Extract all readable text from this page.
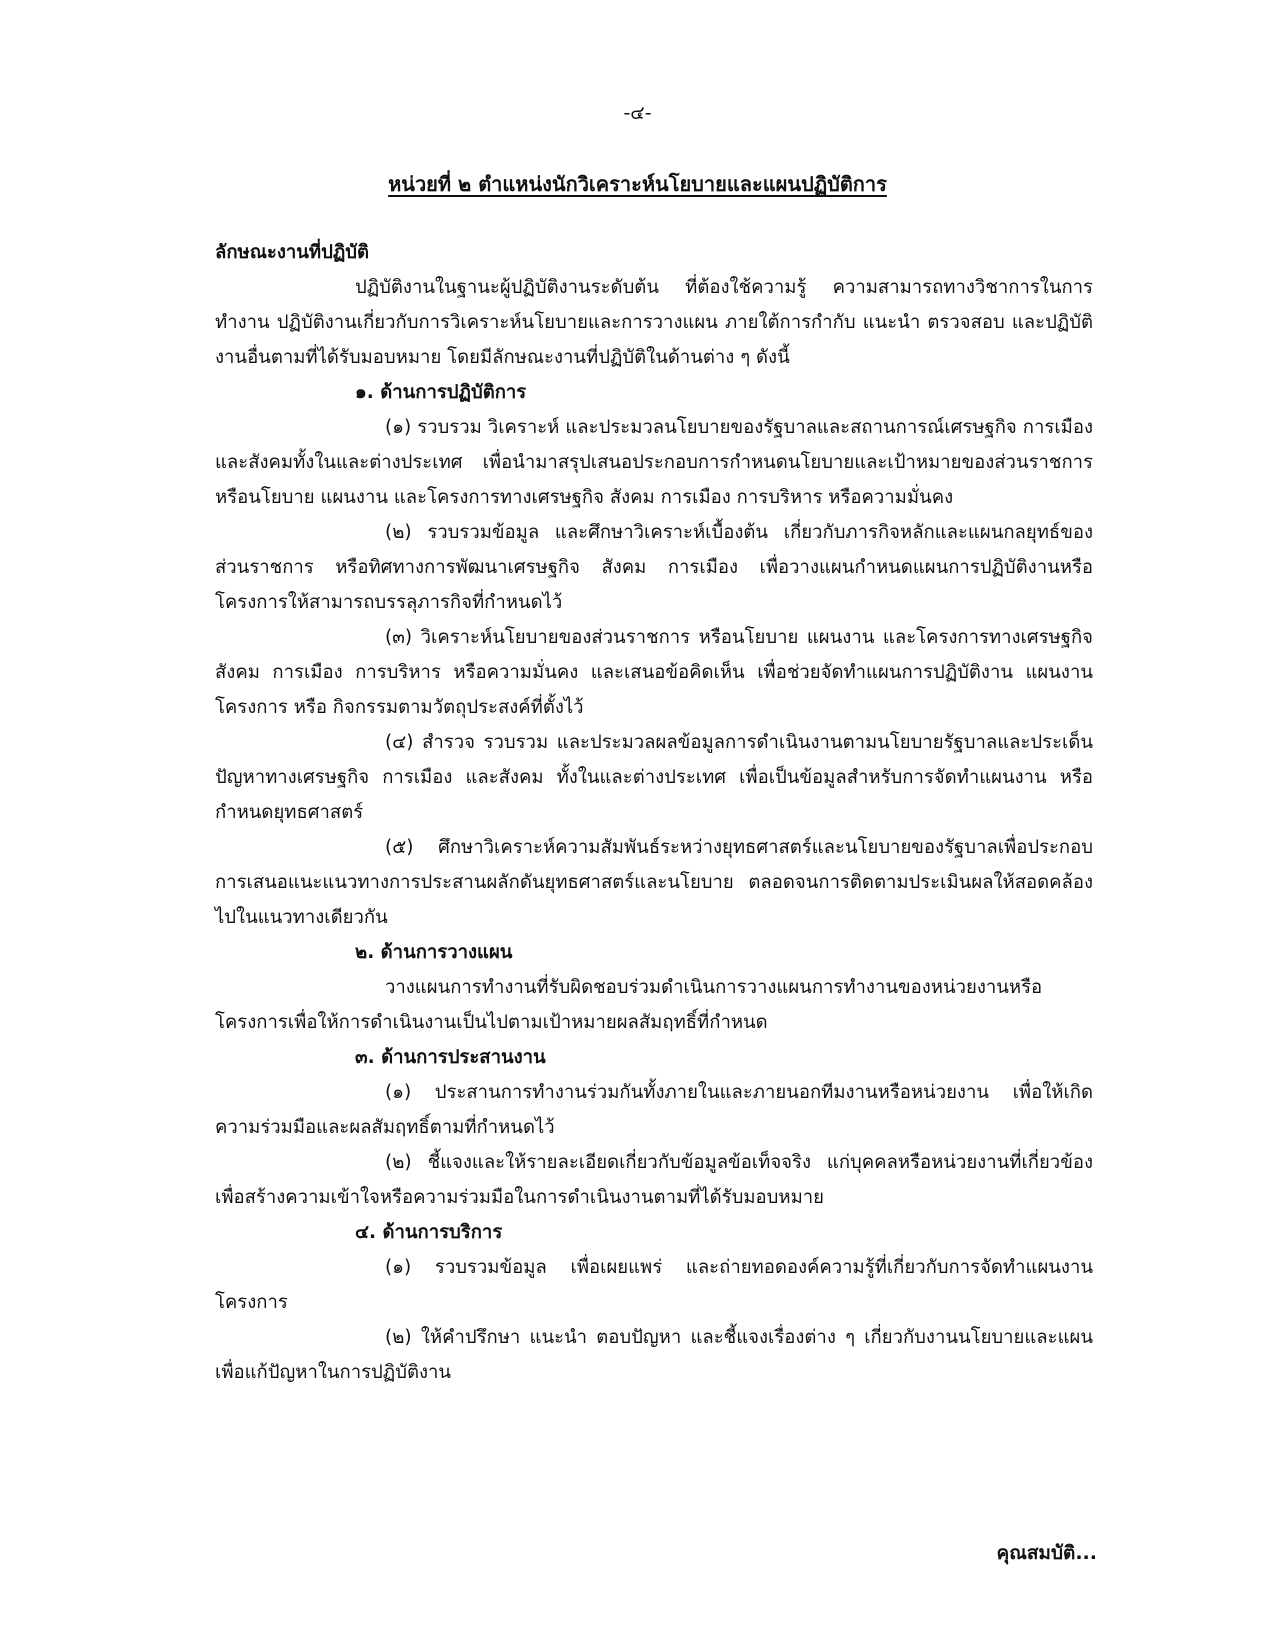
-๔-
หน่วยที่ ๒ ตำแหน่งนักวิเคราะห์นโยบายและแผนปฏิบัติการ

ลักษณะงานที่ปฏิบัติ

ปฏิบัติงานในฐานะผู้ปฏิบัติงานระดับต้น ที่ต้องใช้ความรู้ ความสามารถทางวิชาการในการทำงาน ปฏิบัติงานเกี่ยวกับการวิเคราะห์นโยบายและการวางแผน ภายใต้การกำกับ แนะนำ ตรวจสอบ และปฏิบัติงานอื่นตามที่ได้รับมอบหมาย โดยมีลักษณะงานที่ปฏิบัติในด้านต่าง ๆ ดังนี้

๑. ด้านการปฏิบัติการ

(๑) รวบรวม วิเคราะห์ และประมวลนโยบายของรัฐบาลและสถานการณ์เศรษฐกิจ การเมือง และสังคมทั้งในและต่างประเทศ เพื่อนำมาสรุปเสนอประกอบการกำหนดนโยบายและเป้าหมายของส่วนราชการ หรือนโยบาย แผนงาน และโครงการทางเศรษฐกิจ สังคม การเมือง การบริหาร หรือความมั่นคง

(๒) รวบรวมข้อมูล และศึกษาวิเคราะห์เบื้องต้น เกี่ยวกับภารกิจหลักและแผนกลยุทธ์ของส่วนราชการ หรือทิศทางการพัฒนาเศรษฐกิจ สังคม การเมือง เพื่อวางแผนกำหนดแผนการปฏิบัติงานหรือโครงการให้สามารถบรรลุภารกิจที่กำหนดไว้

(๓) วิเคราะห์นโยบายของส่วนราชการ หรือนโยบาย แผนงาน และโครงการทางเศรษฐกิจ สังคม การเมือง การบริหาร หรือความมั่นคง และเสนอข้อคิดเห็น เพื่อช่วยจัดทำแผนการปฏิบัติงาน แผนงาน โครงการ หรือ กิจกรรมตามวัตถุประสงค์ที่ตั้งไว้

(๔) สำรวจ รวบรวม และประมวลผลข้อมูลการดำเนินงานตามนโยบายรัฐบาลและประเด็นปัญหาทางเศรษฐกิจ การเมือง และสังคม ทั้งในและต่างประเทศ เพื่อเป็นข้อมูลสำหรับการจัดทำแผนงาน หรือกำหนดยุทธศาสตร์

(๕) ศึกษาวิเคราะห์ความสัมพันธ์ระหว่างยุทธศาสตร์และนโยบายของรัฐบาลเพื่อประกอบการเสนอแนะแนวทางการประสานผลักดันยุทธศาสตร์และนโยบาย ตลอดจนการติดตามประเมินผลให้สอดคล้องไปในแนวทางเดียวกัน

๒. ด้านการวางแผน

วางแผนการทำงานที่รับผิดชอบร่วมดำเนินการวางแผนการทำงานของหน่วยงานหรือโครงการเพื่อให้การดำเนินงานเป็นไปตามเป้าหมายผลสัมฤทธิ์ที่กำหนด

๓. ด้านการประสานงาน

(๑) ประสานการทำงานร่วมกันทั้งภายในและภายนอกทีมงานหรือหน่วยงาน เพื่อให้เกิดความร่วมมือและผลสัมฤทธิ์ตามที่กำหนดไว้

(๒) ชี้แจงและให้รายละเอียดเกี่ยวกับข้อมูลข้อเท็จจริง แก่บุคคลหรือหน่วยงานที่เกี่ยวข้อง เพื่อสร้างความเข้าใจหรือความร่วมมือในการดำเนินงานตามที่ได้รับมอบหมาย

๔. ด้านการบริการ

(๑) รวบรวมข้อมูล เพื่อเผยแพร่ และถ่ายทอดองค์ความรู้ที่เกี่ยวกับการจัดทำแผนงาน โครงการ

(๒) ให้คำปรึกษา แนะนำ ตอบปัญหา และชี้แจงเรื่องต่าง ๆ เกี่ยวกับงานนโยบายและแผนเพื่อแก้ปัญหาในการปฏิบัติงาน

คุณสมบัติ...
